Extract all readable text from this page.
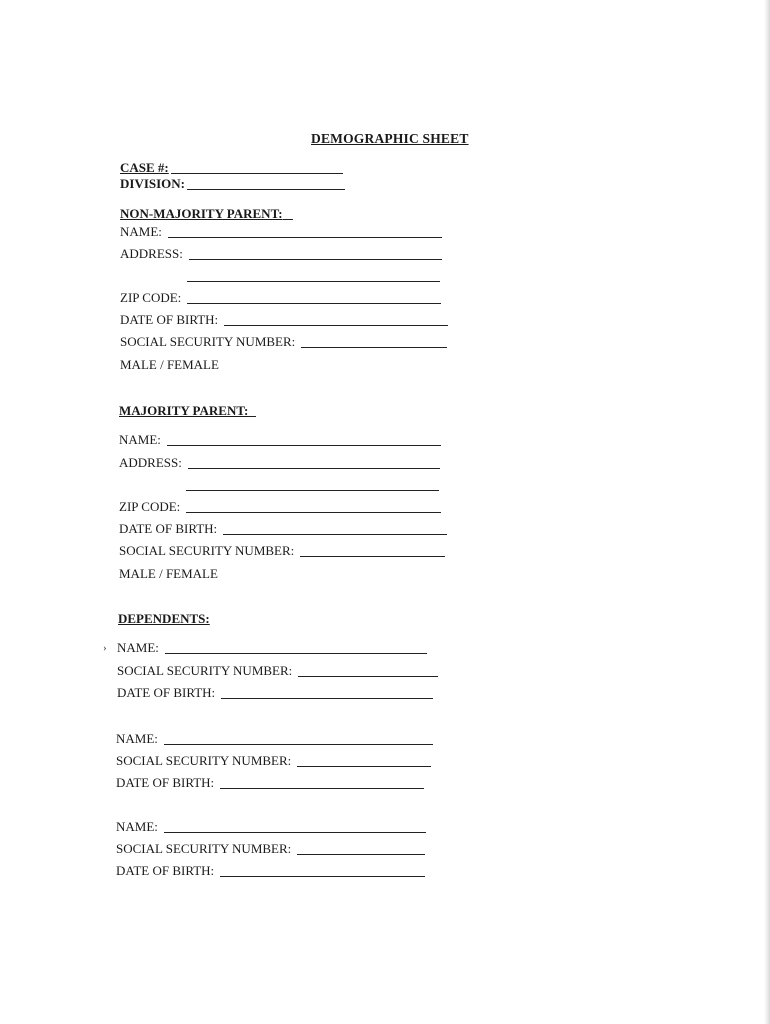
DEMOGRAPHIC SHEET
CASE #:
DIVISION:
NON-MAJORITY PARENT:
NAME:
ADDRESS:
ZIP CODE:
DATE OF BIRTH:
SOCIAL SECURITY NUMBER:
MALE / FEMALE
MAJORITY PARENT:
NAME:
ADDRESS:
ZIP CODE:
DATE OF BIRTH:
SOCIAL SECURITY NUMBER:
MALE / FEMALE
DEPENDENTS:
› NAME:
SOCIAL SECURITY NUMBER:
DATE OF BIRTH:
NAME:
SOCIAL SECURITY NUMBER:
DATE OF BIRTH:
NAME:
SOCIAL SECURITY NUMBER:
DATE OF BIRTH:
